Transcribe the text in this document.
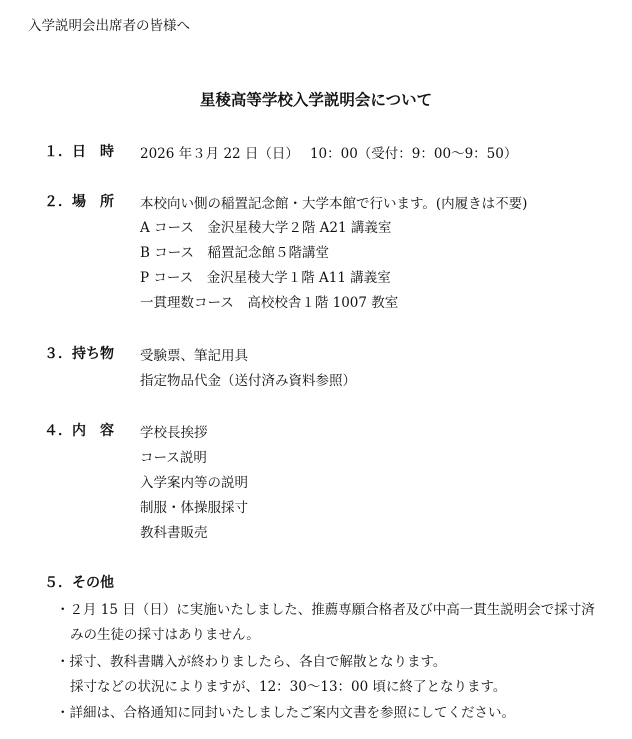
入学説明会出席者の皆様へ
星稜高等学校入学説明会について
１．日　時 2026 年３月 22 日（日）　 10：00（受付：9：00〜9：50）
２．場　所 本校向い側の稲置記念館・大学本館で行います。(内履きは不要)
A コース　金沢星稜大学２階 A21 講義室
B コース　稲置記念館５階講堂
P コース　金沢星稜大学１階 A11 講義室
一貫理数コース　高校校舎１階 1007 教室
３．持ち物 受験票、筆記用具
指定物品代金（送付済み資料参照）
４．内　容 学校長挨拶
コース説明
入学案内等の説明
制服・体操服採寸
教科書販売
５．その他
・２月 15 日（日）に実施いたしました、推薦専願合格者及び中高一貫生説明会で採寸済
みの生徒の採寸はありません。
・採寸、教科書購入が終わりましたら、各自で解散となります。
採寸などの状況によりますが、12：30〜13：00 頃に終了となります。
・詳細は、合格通知に同封いたしましたご案内文書を参照にしてください。
